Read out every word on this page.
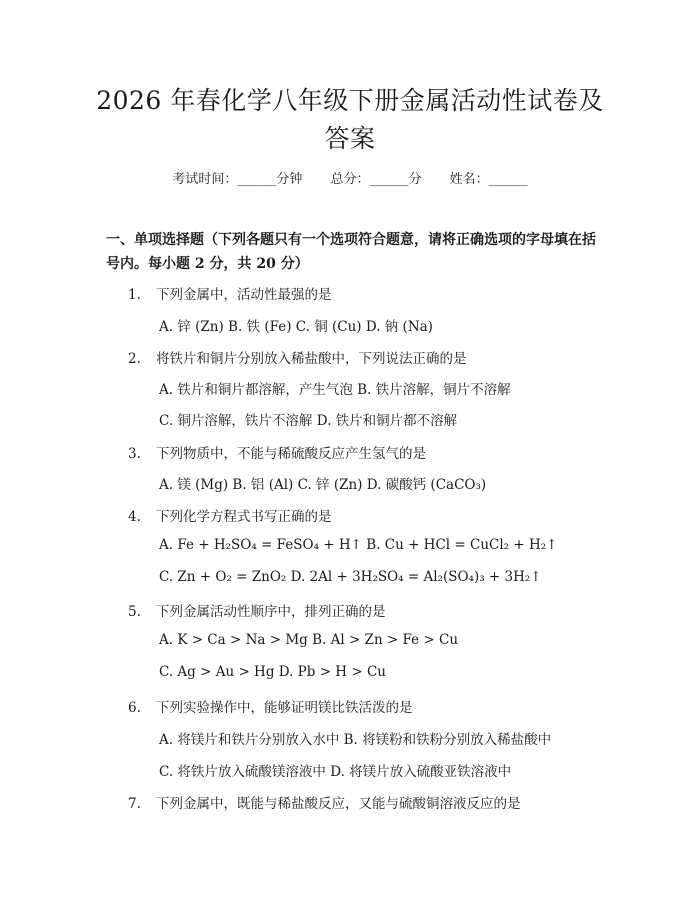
2026 年春化学八年级下册金属活动性试卷及
答案
考试时间：______分钟 总分：______分 姓名：______
一、单项选择题（下列各题只有一个选项符合题意，请将正确选项的字母填在括号内。每小题 2 分，共 20 分）
1. 下列金属中，活动性最强的是
A. 锌 (Zn) B. 铁 (Fe) C. 铜 (Cu) D. 钠 (Na)
2. 将铁片和铜片分别放入稀盐酸中，下列说法正确的是
A. 铁片和铜片都溶解，产生气泡 B. 铁片溶解，铜片不溶解
C. 铜片溶解，铁片不溶解 D. 铁片和铜片都不溶解
3. 下列物质中，不能与稀硫酸反应产生氢气的是
A. 镁 (Mg) B. 铝 (Al) C. 锌 (Zn) D. 碳酸钙 (CaCO₃)
4. 下列化学方程式书写正确的是
A. Fe + H₂SO₄ = FeSO₄ + H↑ B. Cu + HCl = CuCl₂ + H₂↑
C. Zn + O₂ = ZnO₂ D. 2Al + 3H₂SO₄ = Al₂(SO₄)₃ + 3H₂↑
5. 下列金属活动性顺序中，排列正确的是
A. K > Ca > Na > Mg B. Al > Zn > Fe > Cu
C. Ag > Au > Hg D. Pb > H > Cu
6. 下列实验操作中，能够证明镁比铁活泼的是
A. 将镁片和铁片分别放入水中 B. 将镁粉和铁粉分别放入稀盐酸中
C. 将铁片放入硫酸镁溶液中 D. 将镁片放入硫酸亚铁溶液中
7. 下列金属中，既能与稀盐酸反应，又能与硫酸铜溶液反应的是
